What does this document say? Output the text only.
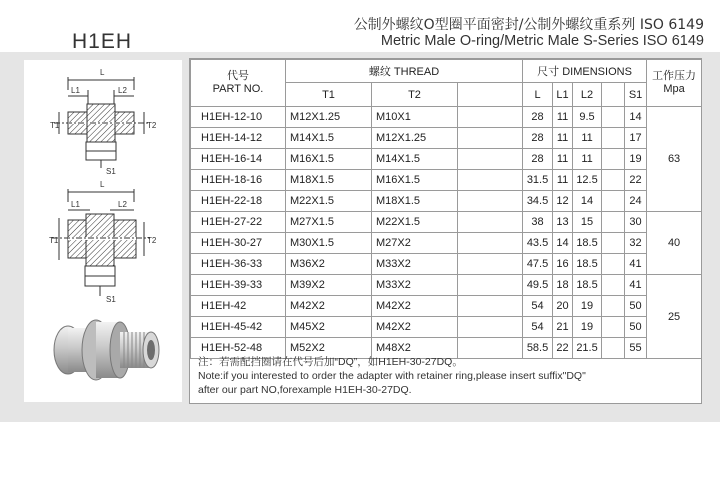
H1EH
公制外螺纹O型圈平面密封/公制外螺纹重系列 ISO 6149
Metric Male O-ring/Metric Male S-Series ISO 6149
L
L1	L2
T1	T2
S1
L
L1	L2
T1	T2
S1
代号
PART NO.	螺纹 THREAD			尺寸 DIMENSIONS					工作压力
Mpa

	T1	T2		L	L1	L2		S1	
H1EH-12-10	M12X1.25	M10X1		28	11	9.5		14	63
H1EH-14-12	M14X1.5	M12X1.25		28	11	11		17	
H1EH-16-14	M16X1.5	M14X1.5		28	11	11		19	
H1EH-18-16	M18X1.5	M16X1.5		31.5	11	12.5		22	
H1EH-22-18	M22X1.5	M18X1.5		34.5	12	14		24	
H1EH-27-22	M27X1.5	M22X1.5		38	13	15		30	40
H1EH-30-27	M30X1.5	M27X2		43.5	14	18.5		32	
H1EH-36-33	M36X2	M33X2		47.5	16	18.5		41	
H1EH-39-33	M39X2	M33X2		49.5	18	18.5		41	25
H1EH-42	M42X2	M42X2		54	20	19		50	
H1EH-45-42	M45X2	M42X2		54	21	19		50	
H1EH-52-48	M52X2	M48X2		58.5	22	21.5		55	
注：若需配挡圈请在代号后加“DQ”，如H1EH-30-27DQ。
Note:if you interested to order the adapter with retainer ring,please insert suffix"DQ"
after our part NO,forexample H1EH-30-27DQ.
